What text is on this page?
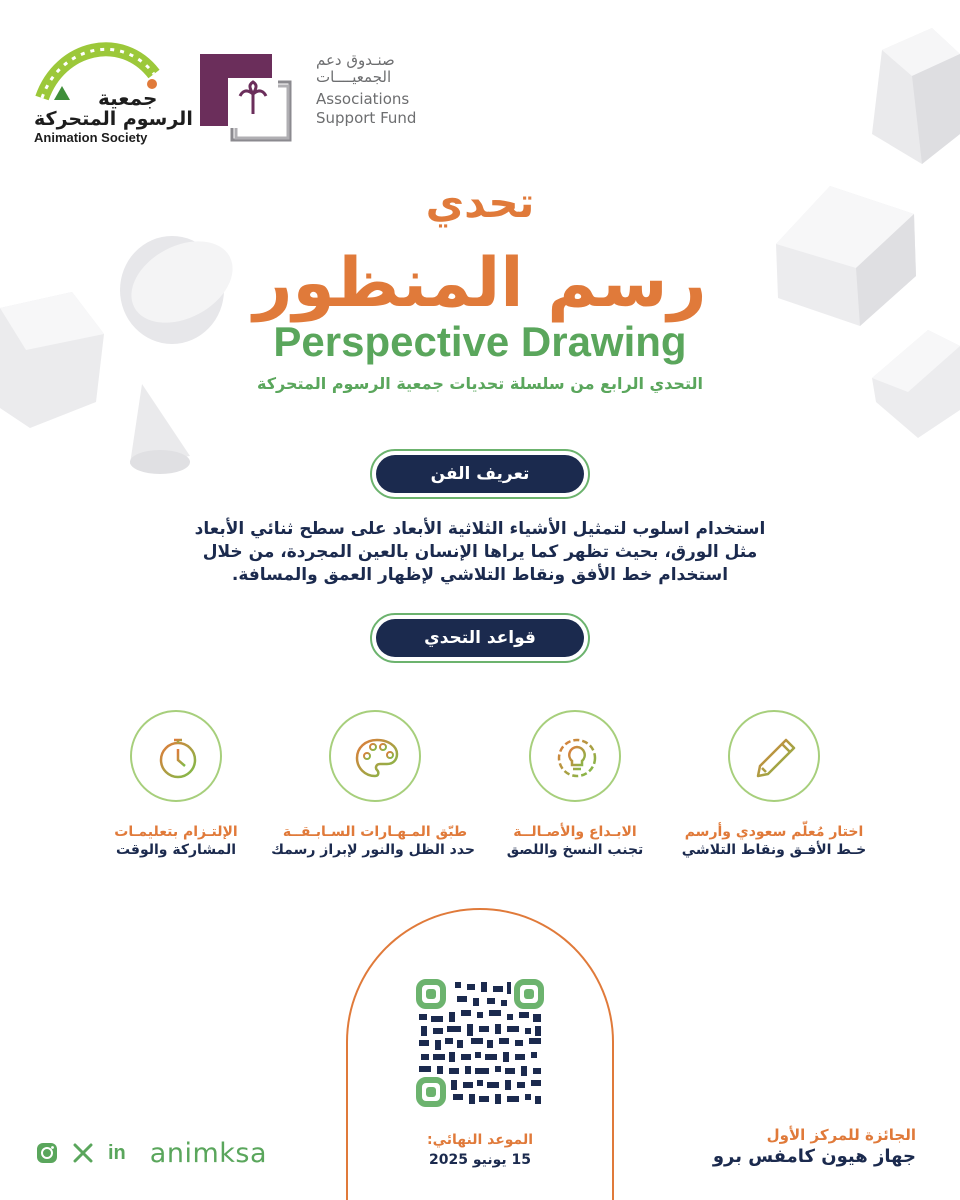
جمعية
الرسوم المتحركة
Animation Society
صنـدوق دعم
الجمعيــــات
Associations
Support Fund
تحدي
رسم المنظور
Perspective Drawing
التحدي الرابع من سلسلة تحديات جمعية الرسوم المتحركة
تعريف الفن
استخدام اسلوب لتمثيل الأشياء الثلاثية الأبعاد على سطح ثنائي الأبعاد مثل الورق، بحيث تظهر كما يراها الإنسان بالعين المجردة، من خلال استخدام خط الأفق ونقاط التلاشي لإظهار العمق والمسافة.
قواعد التحدي
اختار مُعلّم سعودي وأرسم
خـط الأفـق ونقاط التلاشي
الابـداع والأصـالــة
تجنب النسخ واللصق
طبّق المـهـارات السـابـقــة
حدد الظل والنور لإبراز رسمك
الإلتـزام بتعليمـات
المشاركة والوقت
الموعد النهائي:
15 يونيو 2025
الجائزة للمركز الأول
جهاز هيون كامفس برو
in animksa
